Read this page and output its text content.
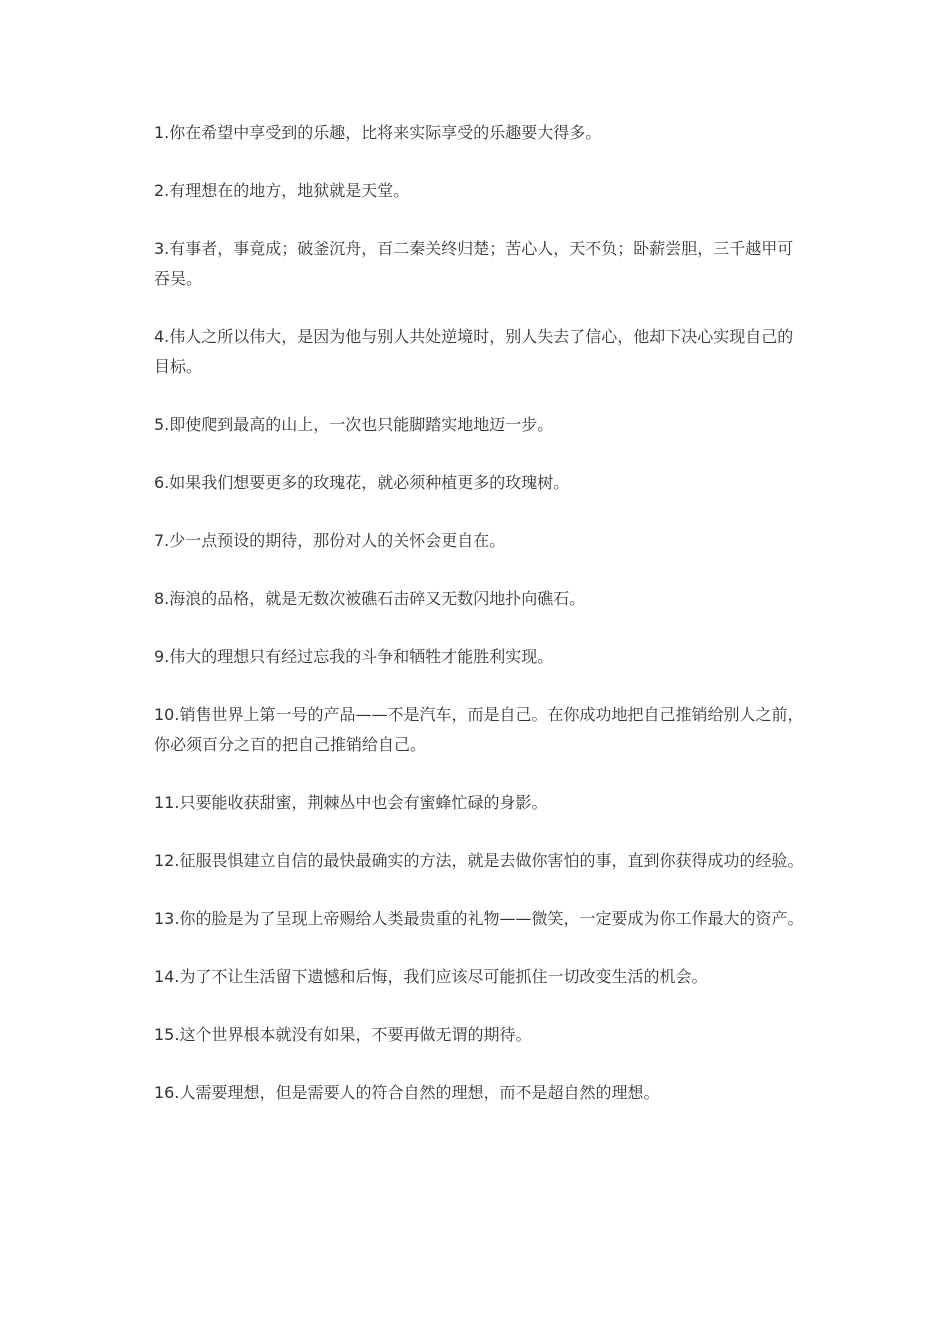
1.你在希望中享受到的乐趣，比将来实际享受的乐趣要大得多。

2.有理想在的地方，地狱就是天堂。

3.有事者，事竟成；破釜沉舟，百二秦关终归楚；苦心人，天不负；卧薪尝胆，三千越甲可吞吴。

4.伟人之所以伟大，是因为他与别人共处逆境时，别人失去了信心，他却下决心实现自己的目标。

5.即使爬到最高的山上，一次也只能脚踏实地地迈一步。

6.如果我们想要更多的玫瑰花，就必须种植更多的玫瑰树。

7.少一点预设的期待，那份对人的关怀会更自在。

8.海浪的品格，就是无数次被礁石击碎又无数闪地扑向礁石。

9.伟大的理想只有经过忘我的斗争和牺牲才能胜利实现。

10.销售世界上第一号的产品——不是汽车，而是自己。在你成功地把自己推销给别人之前，你必须百分之百的把自己推销给自己。

11.只要能收获甜蜜，荆棘丛中也会有蜜蜂忙碌的身影。

12.征服畏惧建立自信的最快最确实的方法，就是去做你害怕的事，直到你获得成功的经验。

13.你的脸是为了呈现上帝赐给人类最贵重的礼物——微笑，一定要成为你工作最大的资产。

14.为了不让生活留下遗憾和后悔，我们应该尽可能抓住一切改变生活的机会。

15.这个世界根本就没有如果，不要再做无谓的期待。

16.人需要理想，但是需要人的符合自然的理想，而不是超自然的理想。
